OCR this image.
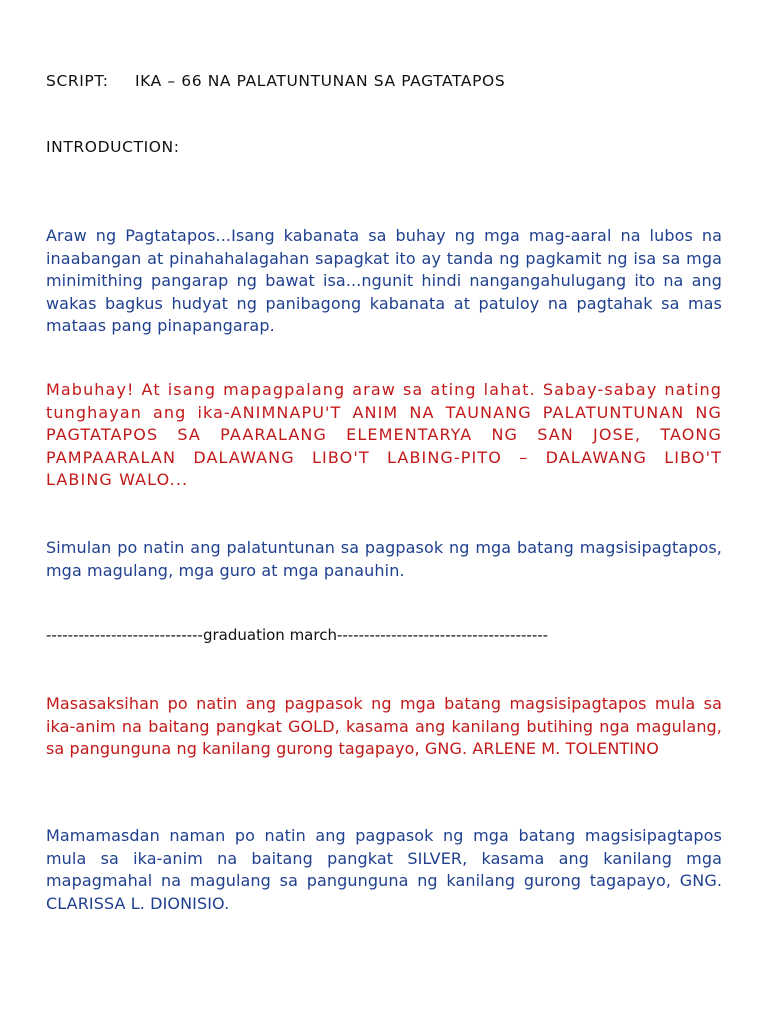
SCRIPT: IKA – 66 NA PALATUNTUNAN SA PAGTATAPOS

INTRODUCTION:

Araw ng Pagtatapos...Isang kabanata sa buhay ng mga mag-aaral na lubos na inaabangan at pinahahalagahan sapagkat ito ay tanda ng pagkamit ng isa sa mga minimithing pangarap ng bawat isa...ngunit hindi nangangahulugang ito na ang wakas bagkus hudyat ng panibagong kabanata at patuloy na pagtahak sa mas mataas pang pinapangarap.

Mabuhay! At isang mapagpalang araw sa ating lahat. Sabay-sabay nating tunghayan ang ika-ANIMNAPU'T ANIM NA TAUNANG PALATUNTUNAN NG PAGTATAPOS SA PAARALANG ELEMENTARYA NG SAN JOSE, TAONG PAMPAARALAN DALAWANG LIBO'T LABING-PITO – DALAWANG LIBO'T LABING WALO...

Simulan po natin ang palatuntunan sa pagpasok ng mga batang magsisipagtapos, mga magulang, mga guro at mga panauhin.

-----------------------------graduation march---------------------------------------

Masasaksihan po natin ang pagpasok ng mga batang magsisipagtapos mula sa ika-anim na baitang pangkat GOLD, kasama ang kanilang butihing nga magulang, sa pangunguna ng kanilang gurong tagapayo, GNG. ARLENE M. TOLENTINO

Mamamasdan naman po natin ang pagpasok ng mga batang magsisipagtapos mula sa ika-anim na baitang pangkat SILVER, kasama ang kanilang mga mapagmahal na magulang sa pangunguna ng kanilang gurong tagapayo, GNG. CLARISSA L. DIONISIO.
